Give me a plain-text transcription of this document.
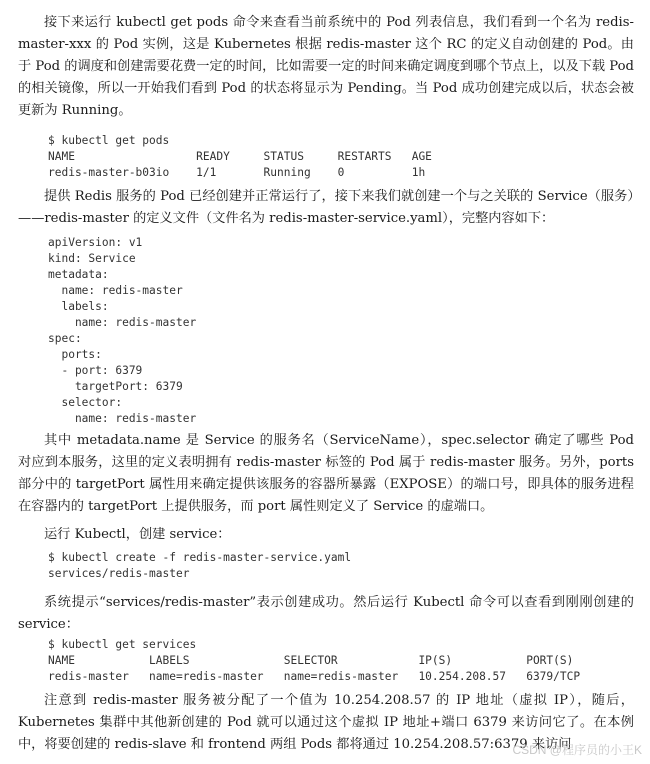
接下来运行 kubectl get pods 命令来查看当前系统中的 Pod 列表信息，我们看到一个名为 redis-master-xxx 的 Pod 实例，这是 Kubernetes 根据 redis-master 这个 RC 的定义自动创建的 Pod。由于 Pod 的调度和创建需要花费一定的时间，比如需要一定的时间来确定调度到哪个节点上，以及下载 Pod 的相关镜像，所以一开始我们看到 Pod 的状态将显示为 Pending。当 Pod 成功创建完成以后，状态会被更新为 Running。

$ kubectl get pods
NAME                  READY     STATUS     RESTARTS   AGE
redis-master-b03io    1/1       Running    0          1h

提供 Redis 服务的 Pod 已经创建并正常运行了，接下来我们就创建一个与之关联的 Service（服务）——redis-master 的定义文件（文件名为 redis-master-service.yaml），完整内容如下：

apiVersion: v1
kind: Service
metadata:
name: redis-master
labels:
name: redis-master
spec:
ports:
- port: 6379
targetPort: 6379
selector:
name: redis-master

其中 metadata.name 是 Service 的服务名（ServiceName），spec.selector 确定了哪些 Pod 对应到本服务，这里的定义表明拥有 redis-master 标签的 Pod 属于 redis-master 服务。另外，ports 部分中的 targetPort 属性用来确定提供该服务的容器所暴露（EXPOSE）的端口号，即具体的服务进程在容器内的 targetPort 上提供服务，而 port 属性则定义了 Service 的虚端口。

运行 Kubectl，创建 service：

$ kubectl create -f redis-master-service.yaml
services/redis-master

系统提示“services/redis-master”表示创建成功。然后运行 Kubectl 命令可以查看到刚刚创建的 service：

$ kubectl get services
NAME           LABELS              SELECTOR            IP(S)           PORT(S)
redis-master   name=redis-master   name=redis-master   10.254.208.57   6379/TCP

注意到 redis-master 服务被分配了一个值为 10.254.208.57 的 IP 地址（虚拟 IP），随后，Kubernetes 集群中其他新创建的 Pod 就可以通过这个虚拟 IP 地址+端口 6379 来访问它了。在本例中，将要创建的 redis-slave 和 frontend 两组 Pods 都将通过 10.254.208.57:6379 来访问

CSDN @程序员的小王K
